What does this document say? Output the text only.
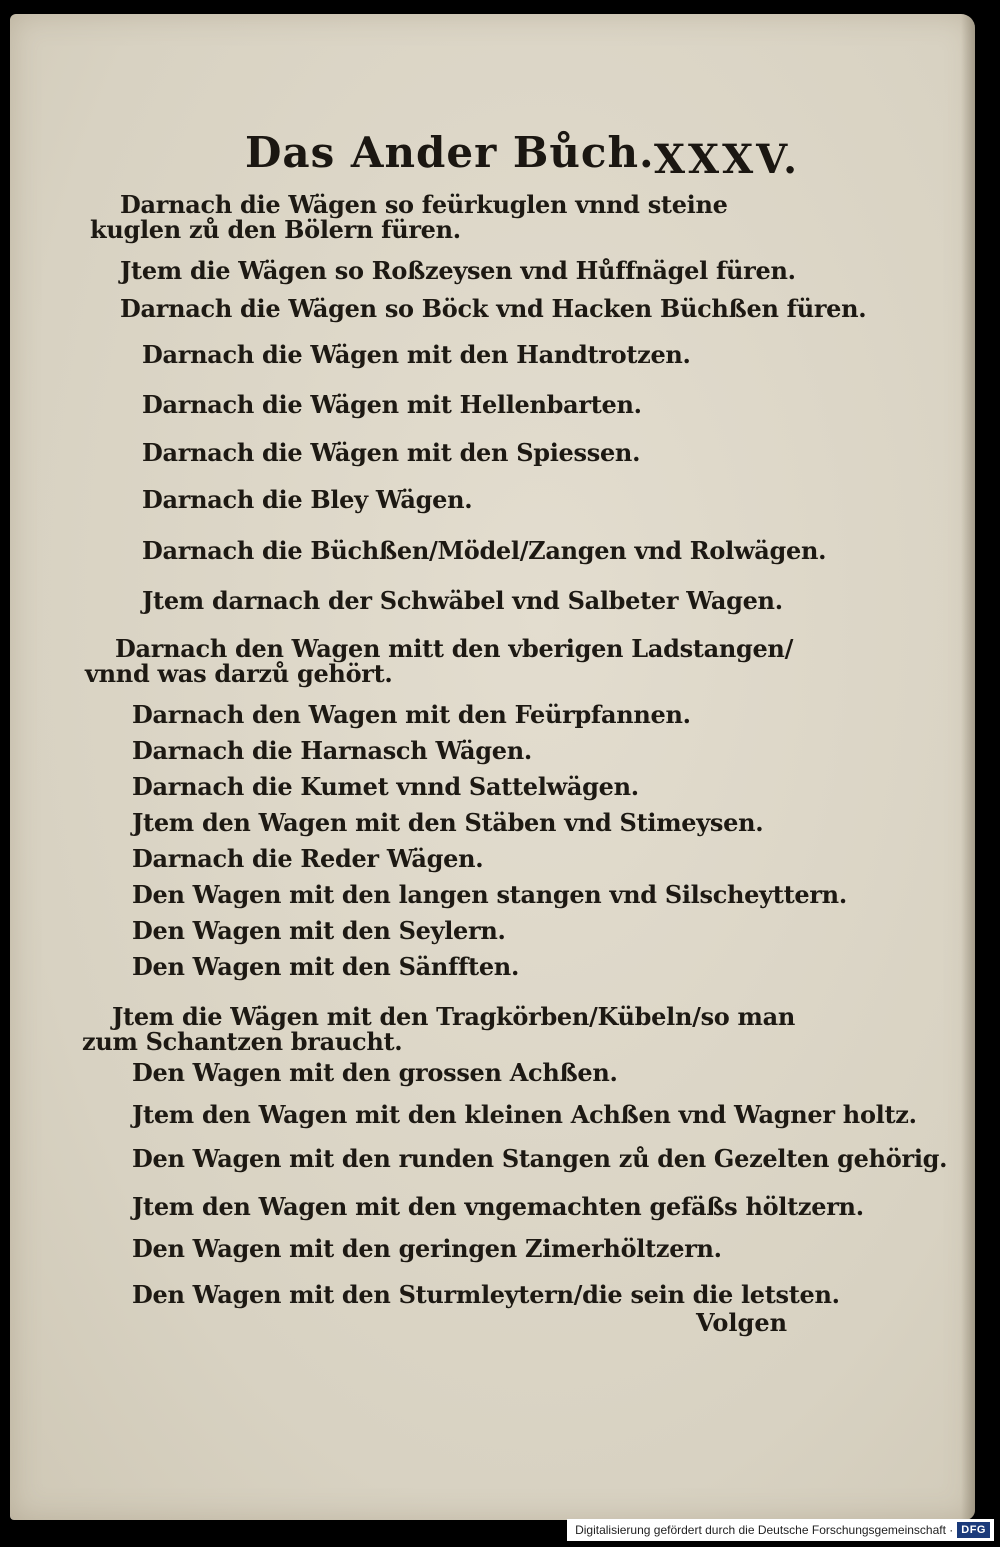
Das Ander Bůch. XXXV.
Darnach die Wägen so feürkuglen vnnd steine kuglen zů den Bölern füren.
Jtem die Wägen so Roßzeysen vnd Hůffnägel füren.
Darnach die Wägen so Böck vnd Hacken Büchßen füren.
Darnach die Wägen mit den Handtrotzen.
Darnach die Wägen mit Hellenbarten.
Darnach die Wägen mit den Spiessen.
Darnach die Bley Wägen.
Darnach die Büchßen/Mödel/Zangen vnd Rolwägen.
Jtem darnach der Schwäbel vnd Salbeter Wagen.
Darnach den Wagen mitt den vberigen Ladstangen/ vnnd was darzů gehört.
Darnach den Wagen mit den Feürpfannen.
Darnach die Harnasch Wägen.
Darnach die Kumet vnnd Sattelwägen.
Jtem den Wagen mit den Stäben vnd Stimeysen.
Darnach die Reder Wägen.
Den Wagen mit den langen stangen vnd Silscheyttern.
Den Wagen mit den Seylern.
Den Wagen mit den Sänfften.
Jtem die Wägen mit den Tragkörben/Kübeln/so man zum Schantzen braucht.
Den Wagen mit den grossen Achßen.
Jtem den Wagen mit den kleinen Achßen vnd Wagner holtz.
Den Wagen mit den runden Stangen zů den Gezelten gehörig.
Jtem den Wagen mit den vngemachten gefäßs höltzern.
Den Wagen mit den geringen Zimerhöltzern.
Den Wagen mit den Sturmleytern/die sein die letsten.
Volgen
Digitalisierung gefördert durch die Deutsche Forschungsgemeinschaft · DFG
